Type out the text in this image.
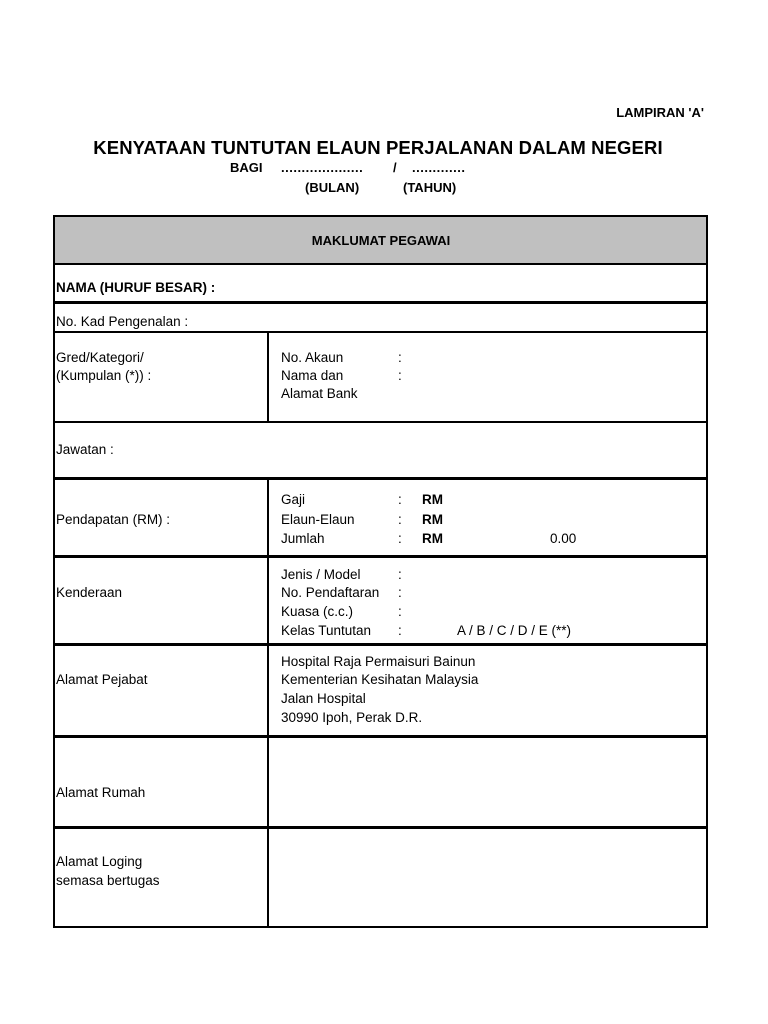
LAMPIRAN 'A'
KENYATAAN TUNTUTAN ELAUN PERJALANAN DALAM NEGERI
BAGI .................... / .............
(BULAN)	(TAHUN)
MAKLUMAT PEGAWAI
NAMA (HURUF BESAR) :
No. Kad Pengenalan :
Gred/Kategori/
(Kumpulan (*)) :
No. Akaun	:
Nama dan	:
Alamat Bank
Jawatan :
Pendapatan (RM) :
Gaji	: RM
Elaun-Elaun	: RM
Jumlah	: RM	0.00
Kenderaan
Jenis / Model	:
No. Pendaftaran :
Kuasa (c.c.)	:
Kelas Tuntutan :	A / B / C / D / E (**)
Alamat Pejabat
Hospital Raja Permaisuri Bainun
Kementerian Kesihatan Malaysia
Jalan Hospital
30990 Ipoh, Perak D.R.
Alamat Rumah
Alamat Loging
semasa bertugas
